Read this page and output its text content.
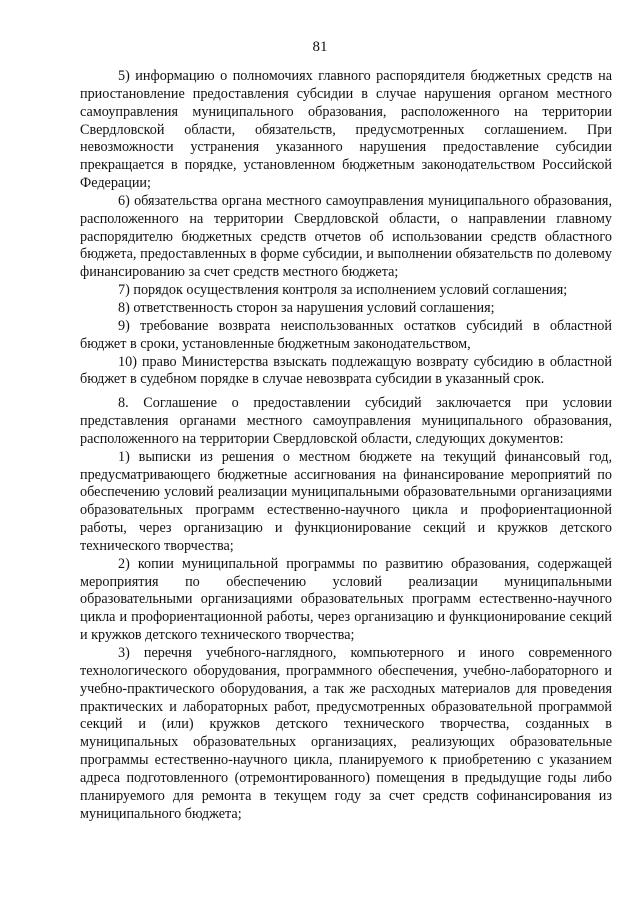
81

5) информацию о полномочиях главного распорядителя бюджетных средств на приостановление предоставления субсидии в случае нарушения органом местного самоуправления муниципального образования, расположенного на территории Свердловской области, обязательств, предусмотренных соглашением. При невозможности устранения указанного нарушения предоставление субсидии прекращается в порядке, установленном бюджетным законодательством Российской Федерации;

6) обязательства органа местного самоуправления муниципального образования, расположенного на территории Свердловской области, о направлении главному распорядителю бюджетных средств отчетов об использовании средств областного бюджета, предоставленных в форме субсидии, и выполнении обязательств по долевому финансированию за счет средств местного бюджета;

7) порядок осуществления контроля за исполнением условий соглашения;

8) ответственность сторон за нарушения условий соглашения;

9) требование возврата неиспользованных остатков субсидий в областной бюджет в сроки, установленные бюджетным законодательством,

10) право Министерства взыскать подлежащую возврату субсидию в областной бюджет в судебном порядке в случае невозврата субсидии в указанный срок.

8. Соглашение о предоставлении субсидий заключается при условии представления органами местного самоуправления муниципального образования, расположенного на территории Свердловской области, следующих документов:

1) выписки из решения о местном бюджете на текущий финансовый год, предусматривающего бюджетные ассигнования на финансирование мероприятий по обеспечению условий реализации муниципальными образовательными организациями образовательных программ естественно-научного цикла и профориентационной работы, через организацию и функционирование секций и кружков детского технического творчества;

2) копии муниципальной программы по развитию образования, содержащей мероприятия по обеспечению условий реализации муниципальными образовательными организациями образовательных программ естественно-научного цикла и профориентационной работы, через организацию и функционирование секций и кружков детского технического творчества;

3) перечня учебного-наглядного, компьютерного и иного современного технологического оборудования, программного обеспечения, учебно-лабораторного и учебно-практического оборудования, а так же расходных материалов для проведения практических и лабораторных работ, предусмотренных образовательной программой секций и (или) кружков детского технического творчества, созданных в муниципальных образовательных организациях, реализующих образовательные программы естественно-научного цикла, планируемого к приобретению с указанием адреса подготовленного (отремонтированного) помещения в предыдущие годы либо планируемого для ремонта в текущем году за счет средств софинансирования из муниципального бюджета;
